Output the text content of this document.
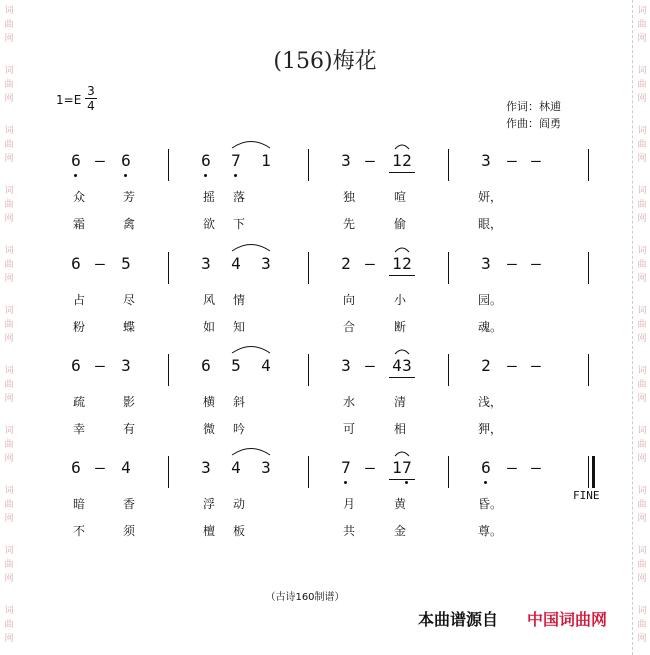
词
曲
网
词
曲
网
词
曲
网
词
曲
网
词
曲
网
词
曲
网
词
曲
网
词
曲
网
词
曲
网
词
曲
网
词
曲
网
词
曲
网
词
曲
网
词
曲
网
词
曲
网
词
曲
网
词
曲
网
词
曲
网
词
曲
网
词
曲
网
词
曲
网
词
曲
网
(156)梅花
1=E
3
4	作词：林逋
作曲：阎勇
6 –	6	6	7	1	3 –	1 2	3	– –
众	芳	摇	落	独	喧	妍，
霜	禽	欲	下	先	偷	眼，
6 –	5	3	4	3	2 –	1 2	3	– –
占	尽	风	情	向	小	园。
粉	蝶	如	知	合	断	魂。
6 –	3	6	5	4	3 –	4 3	2	– –
疏	影	横	斜	水	清	浅，
幸	有	微	吟	可	相	狎，
6 –	4	3	4	3	7 –	1 7	6	– –
暗	香	浮	动	月	黄	昏。
不	须	檀	板	共	金	尊。
FINE
（古诗160制谱）
本曲谱源自 中国词曲网
